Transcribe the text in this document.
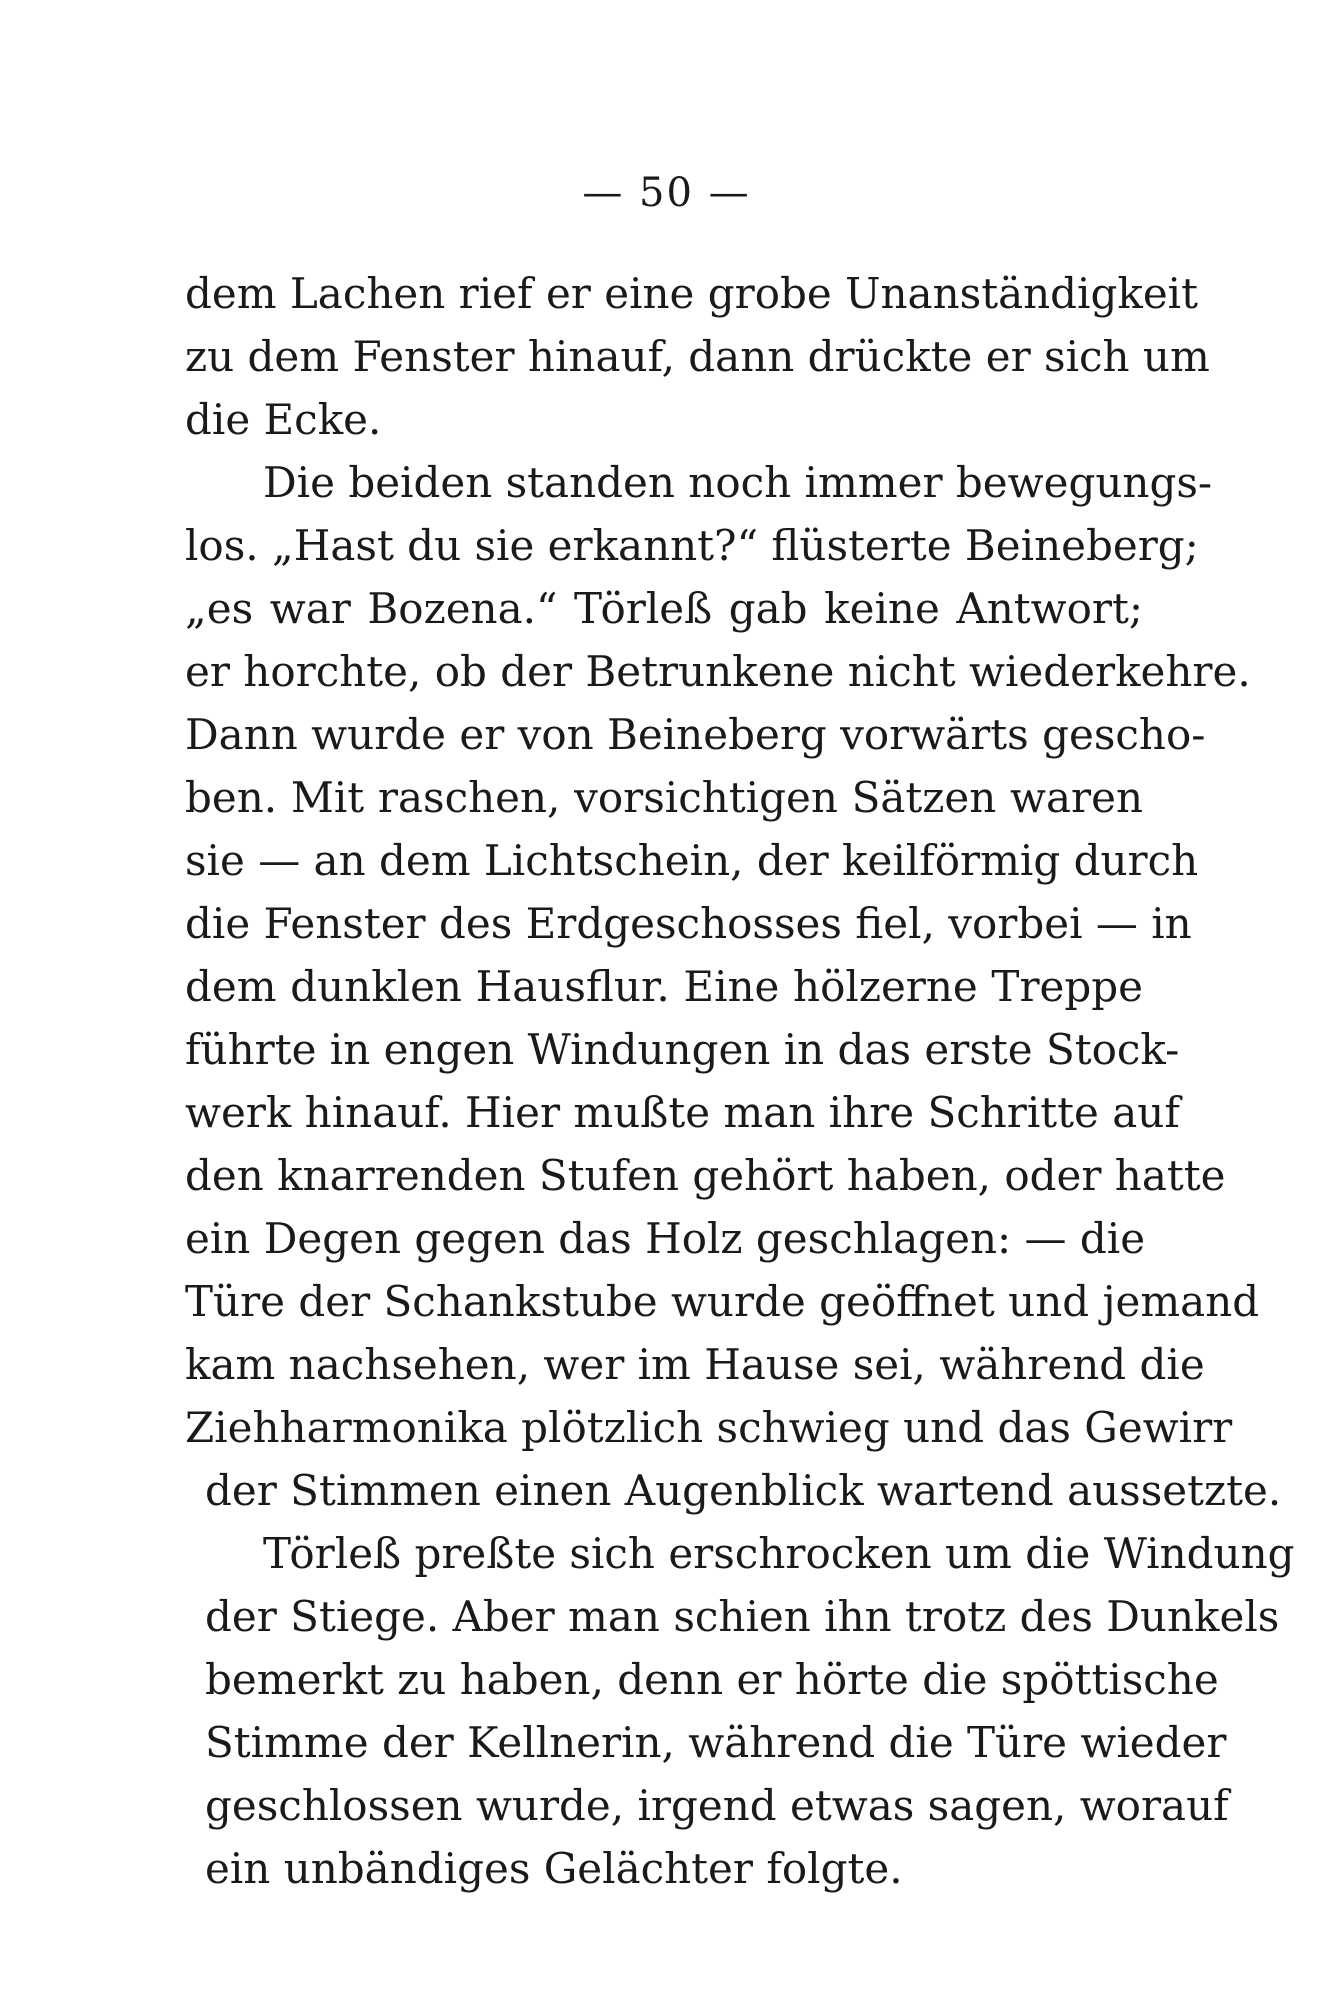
— 50 —
dem Lachen rief er eine grobe Unanständigkeit
zu dem Fenster hinauf, dann drückte er sich um
die Ecke.
Die beiden standen noch immer bewegungs-
los. „Hast du sie erkannt?“ flüsterte Beineberg;
„es war Bozena.“ Törleß gab keine Antwort;
er horchte, ob der Betrunkene nicht wiederkehre.
Dann wurde er von Beineberg vorwärts gescho-
ben. Mit raschen, vorsichtigen Sätzen waren
sie — an dem Lichtschein, der keilförmig durch
die Fenster des Erdgeschosses fiel, vorbei — in
dem dunklen Hausflur. Eine hölzerne Treppe
führte in engen Windungen in das erste Stock-
werk hinauf. Hier mußte man ihre Schritte auf
den knarrenden Stufen gehört haben, oder hatte
ein Degen gegen das Holz geschlagen: — die
Türe der Schankstube wurde geöffnet und jemand
kam nachsehen, wer im Hause sei, während die
Ziehharmonika plötzlich schwieg und das Gewirr
der Stimmen einen Augenblick wartend aussetzte.
Törleß preßte sich erschrocken um die Windung
der Stiege. Aber man schien ihn trotz des Dunkels
bemerkt zu haben, denn er hörte die spöttische
Stimme der Kellnerin, während die Türe wieder
geschlossen wurde, irgend etwas sagen, worauf
ein unbändiges Gelächter folgte.
